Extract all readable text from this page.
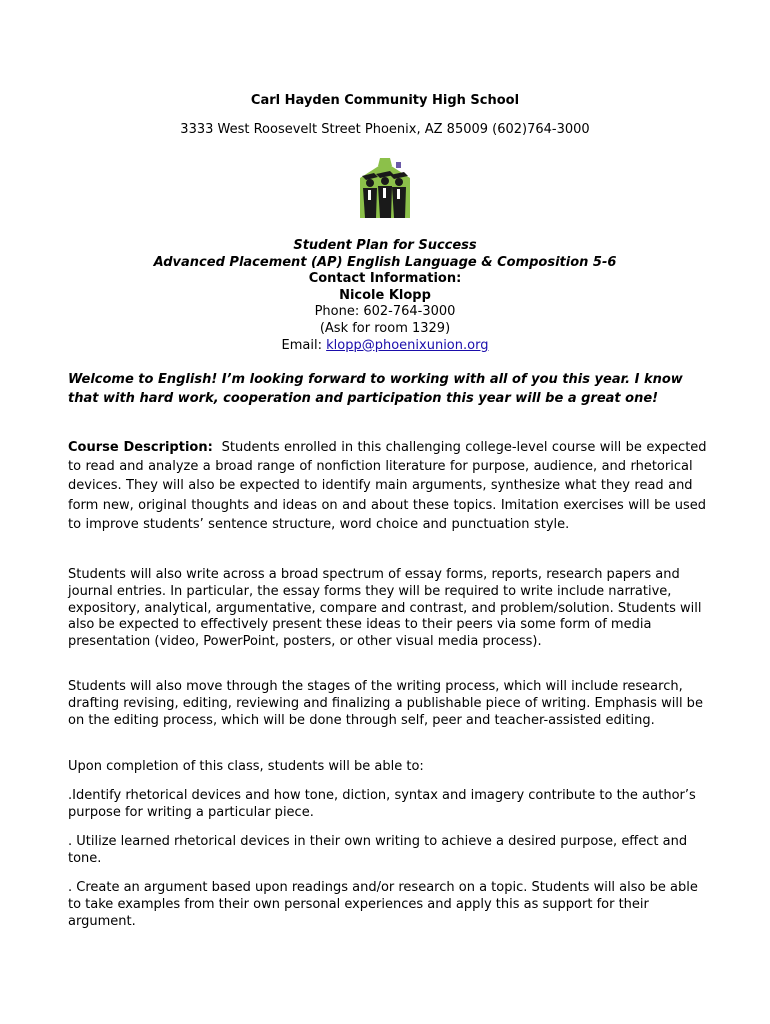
Carl Hayden Community High School
3333 West Roosevelt Street Phoenix, AZ 85009 (602)764-3000
Student Plan for Success
Advanced Placement (AP) English Language & Composition 5-6
Contact Information:
Nicole Klopp
Phone: 602-764-3000
(Ask for room 1329)
Email: klopp@phoenixunion.org
Welcome to English! I’m looking forward to working with all of you this year. I know that with hard work, cooperation and participation this year will be a great one!
Course Description:  Students enrolled in this challenging college-level course will be expected to read and analyze a broad range of nonfiction literature for purpose, audience, and rhetorical devices. They will also be expected to identify main arguments, synthesize what they read and form new, original thoughts and ideas on and about these topics. Imitation exercises will be used to improve students’ sentence structure, word choice and punctuation style.
Students will also write across a broad spectrum of essay forms, reports, research papers and journal entries. In particular, the essay forms they will be required to write include narrative, expository, analytical, argumentative, compare and contrast, and problem/solution. Students will also be expected to effectively present these ideas to their peers via some form of media presentation (video, PowerPoint, posters, or other visual media process).
Students will also move through the stages of the writing process, which will include research, drafting revising, editing, reviewing and finalizing a publishable piece of writing. Emphasis will be on the editing process, which will be done through self, peer and teacher-assisted editing.
Upon completion of this class, students will be able to:
.Identify rhetorical devices and how tone, diction, syntax and imagery contribute to the author’s purpose for writing a particular piece.
. Utilize learned rhetorical devices in their own writing to achieve a desired purpose, effect and tone.
. Create an argument based upon readings and/or research on a topic. Students will also be able to take examples from their own personal experiences and apply this as support for their argument.
